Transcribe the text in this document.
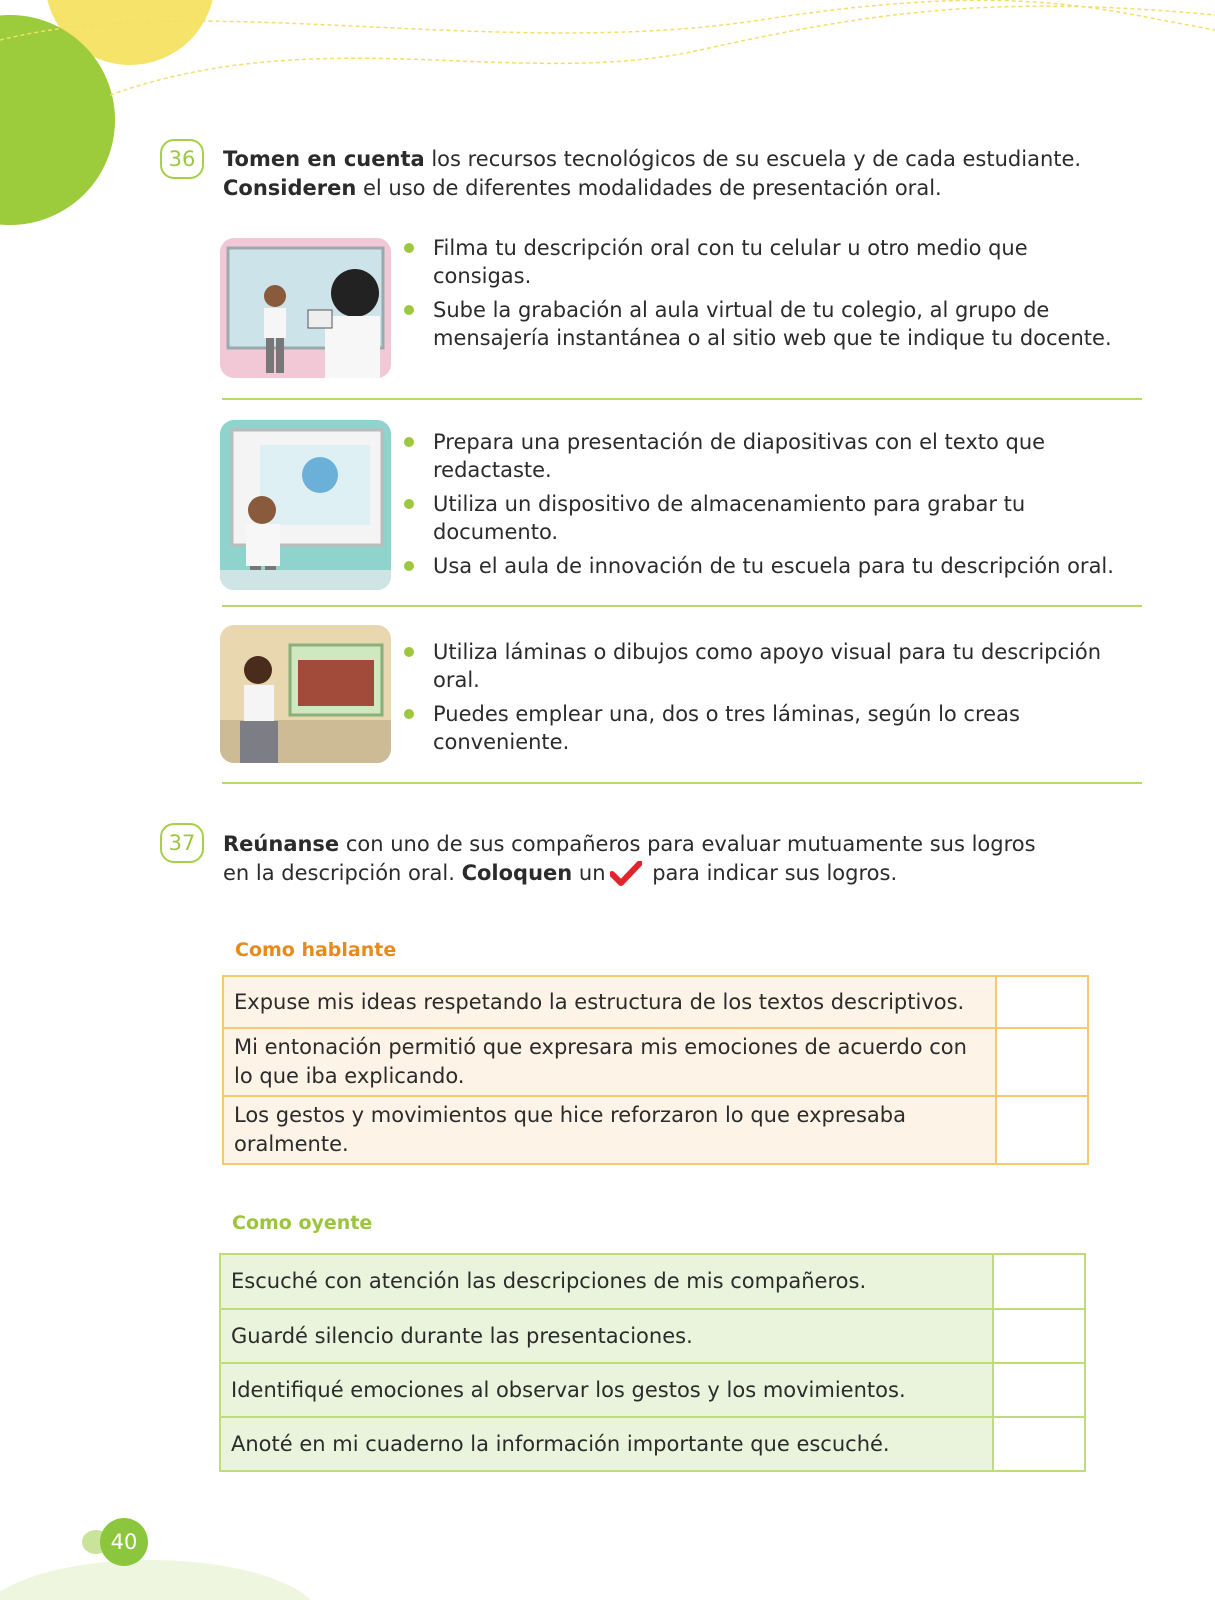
36	Tomen en cuenta los recursos tecnológicos de su escuela y de cada estudiante.
Consideren el uso de diferentes modalidades de presentación oral.
Filma tu descripción oral con tu celular u otro medio que consigas.
Sube la grabación al aula virtual de tu colegio, al grupo de mensajería instantánea o al sitio web que te indique tu docente.
Prepara una presentación de diapositivas con el texto que redactaste.
Utiliza un dispositivo de almacenamiento para grabar tu documento.
Usa el aula de innovación de tu escuela para tu descripción oral.
Utiliza láminas o dibujos como apoyo visual para tu descripción oral.
Puedes emplear una, dos o tres láminas, según lo creas conveniente.
37	Reúnanse con uno de sus compañeros para evaluar mutuamente sus logros
en la descripción oral. Coloquen un para indicar sus logros.
Como hablante
Expuse mis ideas respetando la estructura de los textos descriptivos.	
Mi entonación permitió que expresara mis emociones de acuerdo con lo que iba explicando.	
Los gestos y movimientos que hice reforzaron lo que expresaba oralmente.	
Como oyente
Escuché con atención las descripciones de mis compañeros.	
Guardé silencio durante las presentaciones.	
Identifiqué emociones al observar los gestos y los movimientos.	
Anoté en mi cuaderno la información importante que escuché.	
40
